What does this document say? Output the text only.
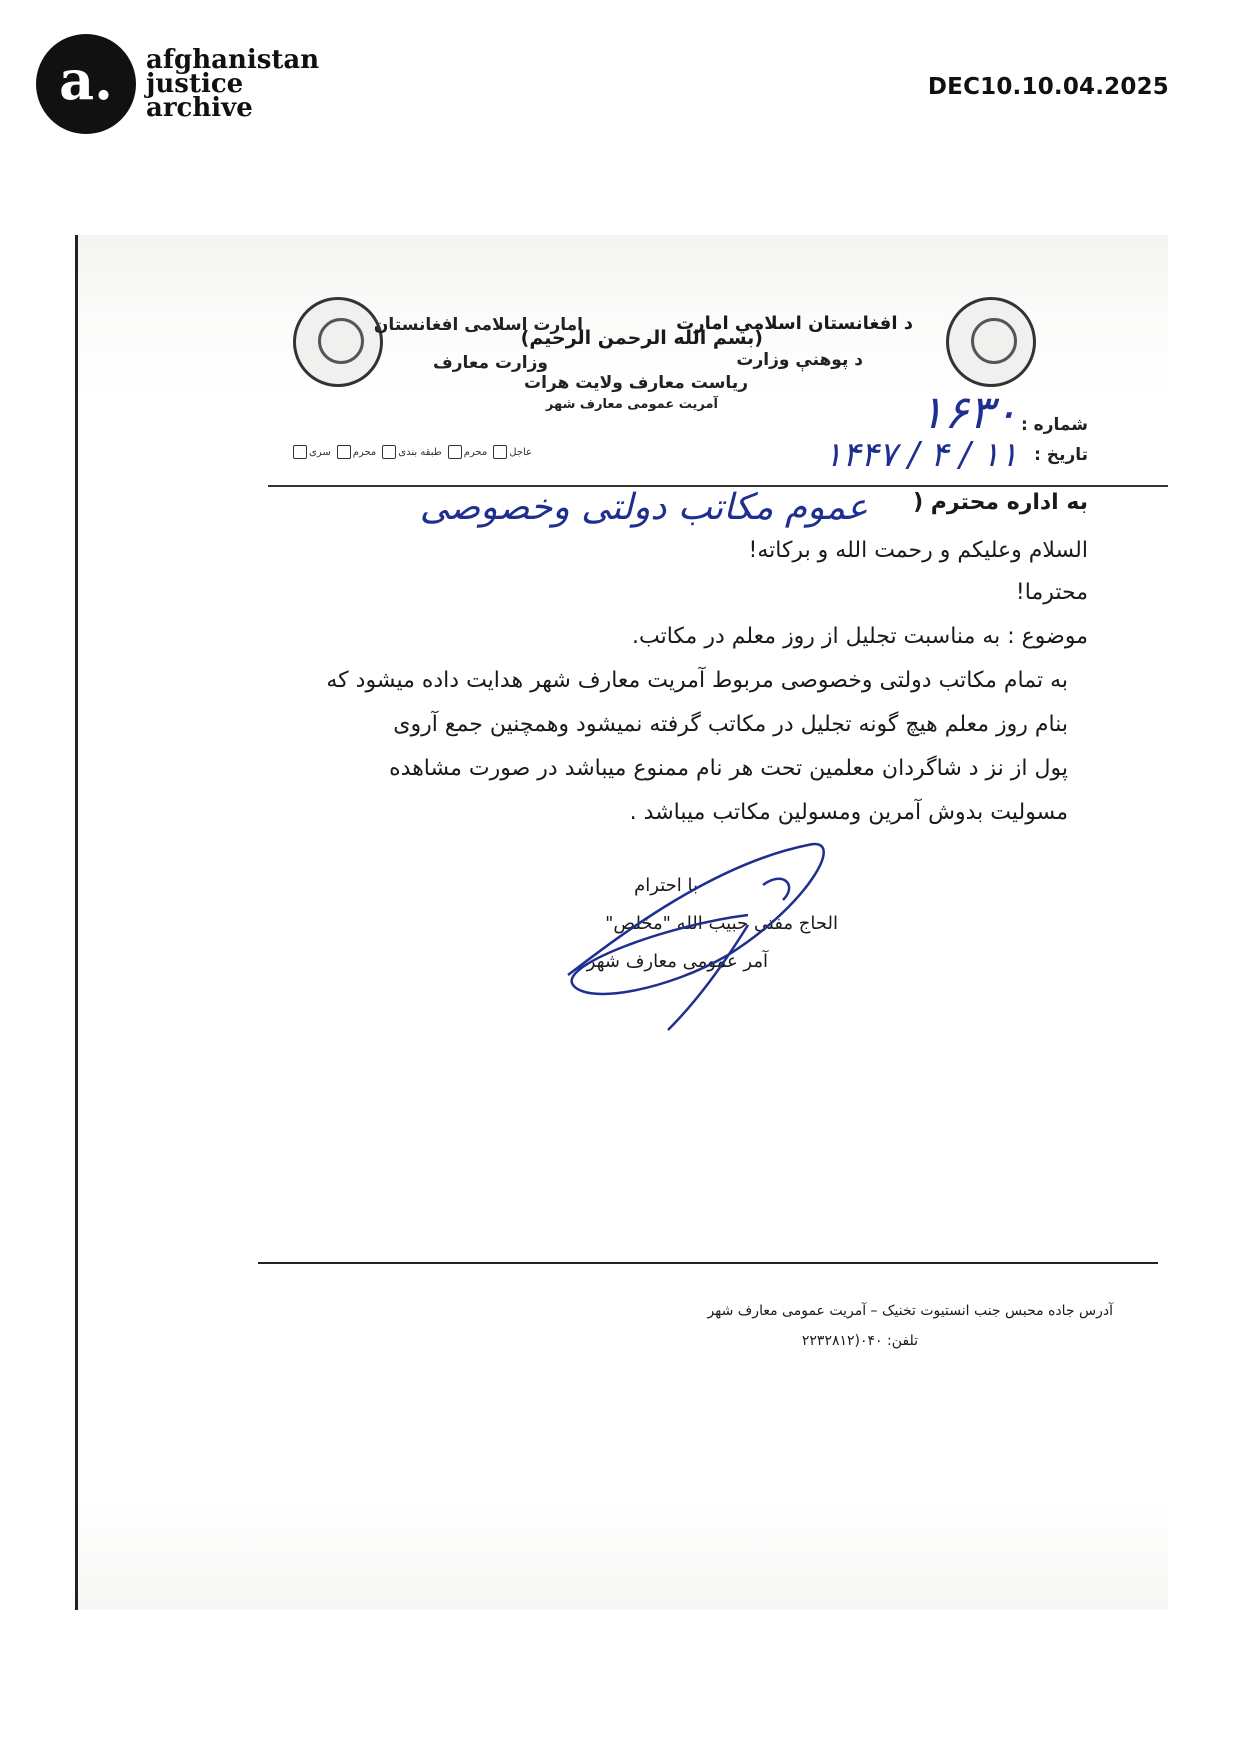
a.	afghanistan
justice
archive
DEC10.10.04.2025
امارت اسلامی افغانستان
وزارت معارف
د افغانستان اسلامي امارت
د پوهنې وزارت
(بسم الله الرحمن الرحیم)
ریاست معارف ولایت هرات
آمریت عمومی معارف شهر
شماره :
۱۶۳۰
تاریخ :
۱۱ / ۴ / ۱۴۴۷
عاجل
محرم
طبقه بندی
محرم
سری
به اداره محترم (
عموم مکاتب دولتی وخصوصی
السلام وعلیکم و رحمت الله و برکاته!
محترما!
موضوع : به مناسبت تجلیل از روز معلم در مکاتب.
به تمام مکاتب دولتی وخصوصی مربوط آمریت معارف شهر هدایت داده میشود که
بنام روز معلم هیچ گونه تجلیل در مکاتب گرفته نمیشود وهمچنین جمع آروی
پول از نز د شاگردان معلمین تحت هر نام ممنوع میباشد در صورت مشاهده
مسولیت بدوش آمرین ومسولین مکاتب میباشد .
با احترام
الحاج مفتی حبیب الله "مخلص"
آمر عمومی معارف شهر
آدرس جاده محبس جنب انستیوت تخنیک – آمریت عمومی معارف شهر
تلفن: ۰۴۰(۲۲۳۲۸۱۲
